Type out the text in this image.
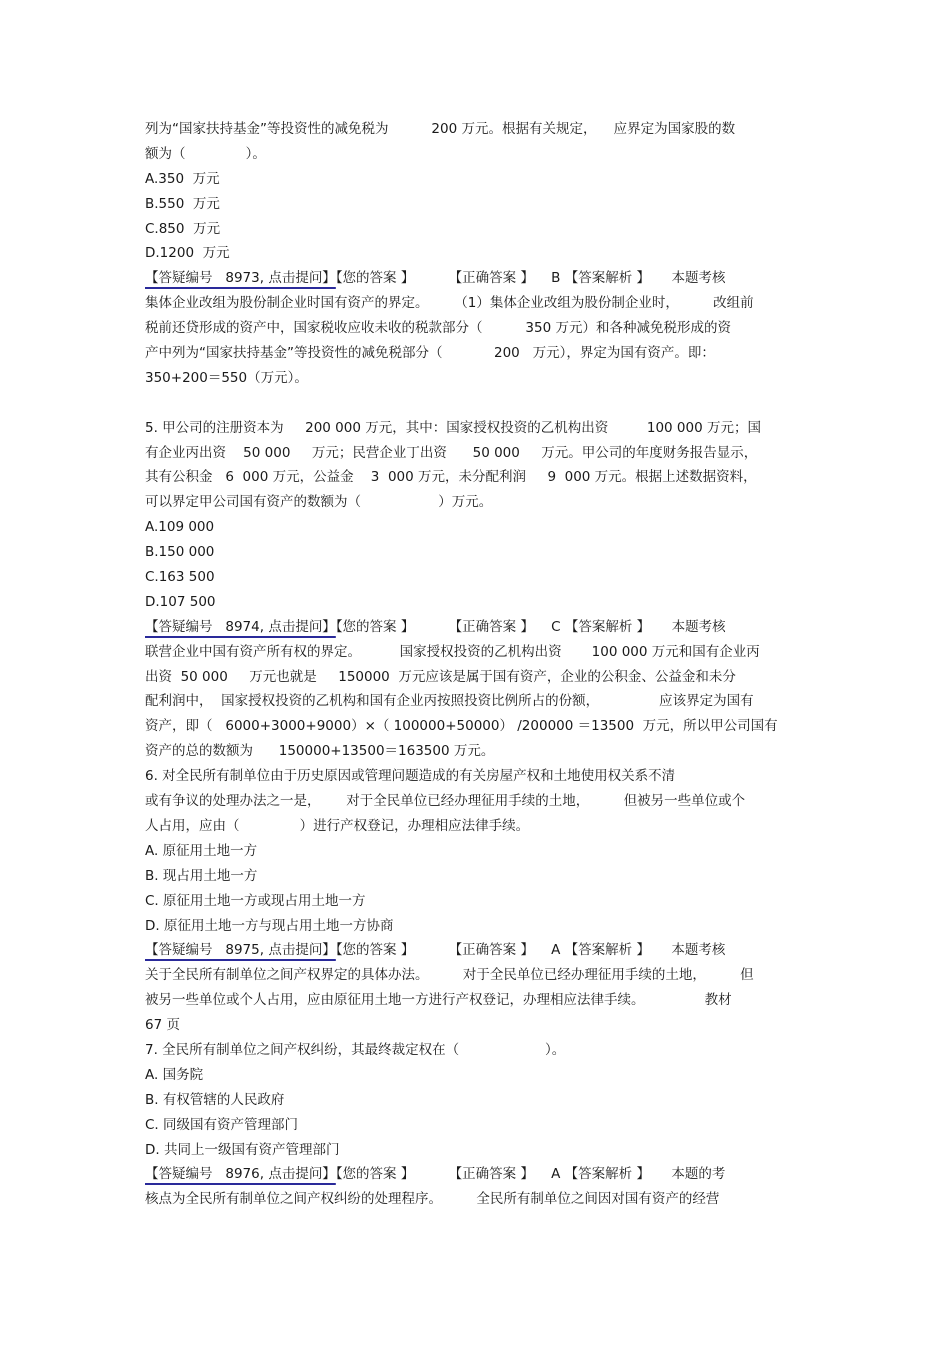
列为“国家扶持基金”等投资性的减免税为          200 万元。根据有关规定，    应界定为国家股的数
额为（              ）。
A.350  万元
B.550  万元
C.850  万元
D.1200  万元
【答疑编号   8973, 点击提问】【您的答案 】        【正确答案 】    B 【答案解析 】     本题考核
集体企业改组为股份制企业时国有资产的界定。      （1）集体企业改组为股份制企业时，        改组前
税前还贷形成的资产中，国家税收应收未收的税款部分（          350 万元）和各种减免税形成的资
产中列为“国家扶持基金”等投资性的减免税部分（            200   万元），界定为国有资产。即：
350+200＝550（万元）。
5. 甲公司的注册资本为     200 000 万元，其中：国家授权投资的乙机构出资         100 000 万元；国
有企业丙出资    50 000     万元；民营企业丁出资      50 000     万元。甲公司的年度财务报告显示，
其有公积金   6  000 万元，公益金    3  000 万元，未分配利润     9  000 万元。根据上述数据资料，
可以界定甲公司国有资产的数额为（                  ）万元。
A.109 000
B.150 000
C.163 500
D.107 500
【答疑编号   8974, 点击提问】【您的答案 】        【正确答案 】    C 【答案解析 】     本题考核
联营企业中国有资产所有权的界定。         国家授权投资的乙机构出资       100 000 万元和国有企业丙
出资  50 000     万元也就是     150000  万元应该是属于国有资产，企业的公积金、公益金和未分
配利润中，  国家授权投资的乙机构和国有企业丙按照投资比例所占的份额，              应该界定为国有
资产，即（   6000+3000+9000）×（ 100000+50000） /200000 ＝13500  万元，所以甲公司国有
资产的总的数额为      150000+13500＝163500 万元。
6. 对全民所有制单位由于历史原因或管理问题造成的有关房屋产权和土地使用权关系不清
或有争议的处理办法之一是，      对于全民单位已经办理征用手续的土地，        但被另一些单位或个
人占用，应由（              ）进行产权登记，办理相应法律手续。
A. 原征用土地一方
B. 现占用土地一方
C. 原征用土地一方或现占用土地一方
D. 原征用土地一方与现占用土地一方协商
【答疑编号   8975, 点击提问】【您的答案 】        【正确答案 】    A 【答案解析 】     本题考核
关于全民所有制单位之间产权界定的具体办法。        对于全民单位已经办理征用手续的土地，        但
被另一些单位或个人占用，应由原征用土地一方进行产权登记，办理相应法律手续。              教材
67 页
7. 全民所有制单位之间产权纠纷，其最终裁定权在（                    ）。
A. 国务院
B. 有权管辖的人民政府
C. 同级国有资产管理部门
D. 共同上一级国有资产管理部门
【答疑编号   8976, 点击提问】【您的答案 】        【正确答案 】    A 【答案解析 】     本题的考
核点为全民所有制单位之间产权纠纷的处理程序。        全民所有制单位之间因对国有资产的经营
